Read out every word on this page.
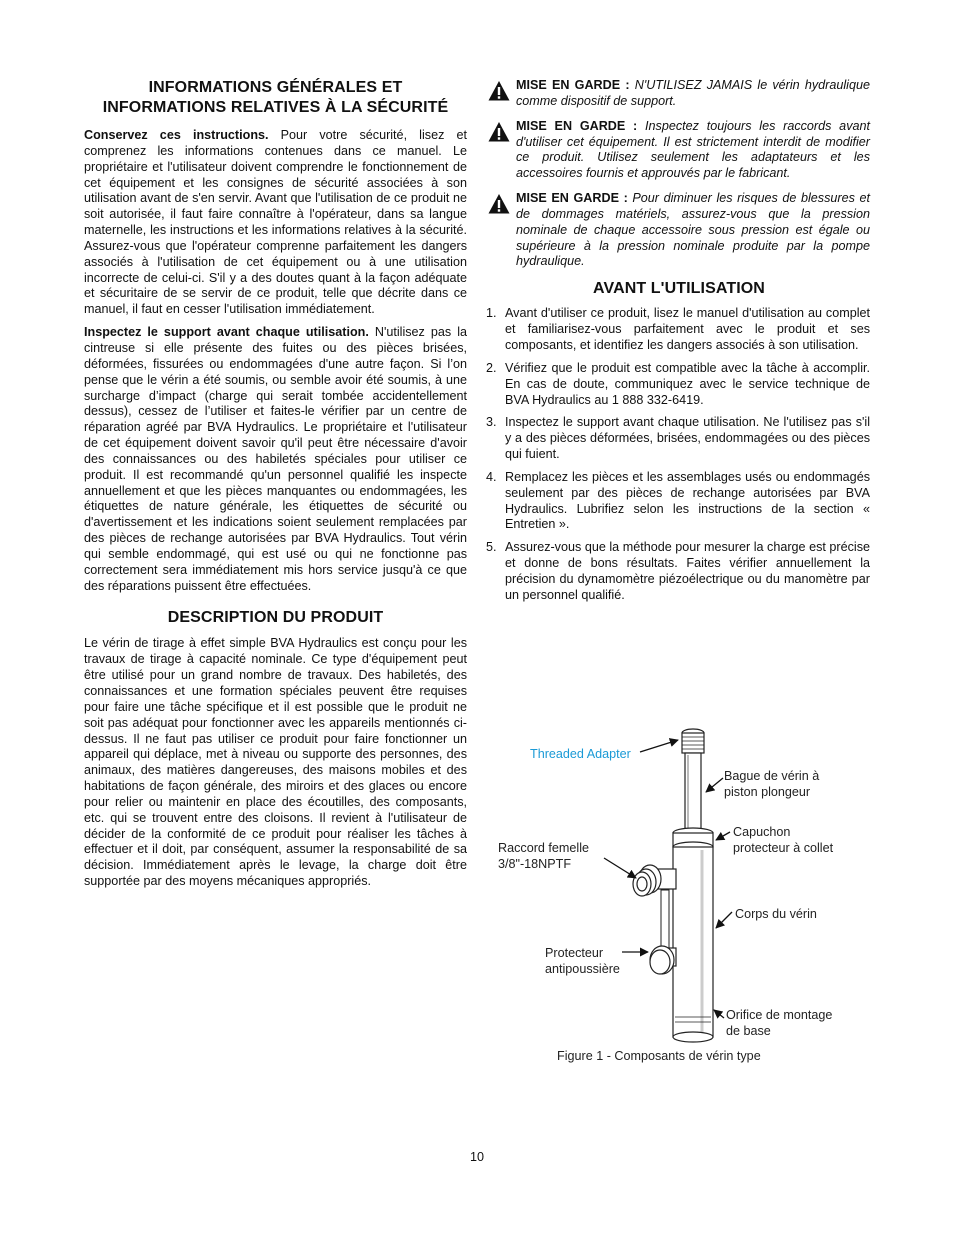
INFORMATIONS GÉNÉRALES ET
INFORMATIONS RELATIVES À LA SÉCURITÉ

Conservez ces instructions. Pour votre sécurité, lisez et comprenez les informations contenues dans ce manuel. Le propriétaire et l'utilisateur doivent comprendre le fonctionnement de cet équipement et les consignes de sécurité associées à son utilisation avant de s'en servir. Avant que l'utilisation de ce produit ne soit autorisée, il faut faire connaître à l'opérateur, dans sa langue maternelle, les instructions et les informations relatives à la sécurité. Assurez-vous que l'opérateur comprenne parfaitement les dangers associés à l'utilisation de cet équipement ou à une utilisation incorrecte de celui-ci. S'il y a des doutes quant à la façon adéquate et sécuritaire de se servir de ce produit, telle que décrite dans ce manuel, il faut en cesser l'utilisation immédiatement.

Inspectez le support avant chaque utilisation. N'utilisez pas la cintreuse si elle présente des fuites ou des pièces brisées, déformées, fissurées ou endommagées d'une autre façon. Si l’on pense que le vérin a été soumis, ou semble avoir été soumis, à une surcharge d’impact (charge qui serait tombée accidentellement dessus), cessez de l’utiliser et faites-le vérifier par un centre de réparation agréé par BVA Hydraulics. Le propriétaire et l'utilisateur de cet équipement doivent savoir qu'il peut être nécessaire d'avoir des connaissances ou des habiletés spéciales pour utiliser ce produit. Il est recommandé qu'un personnel qualifié les inspecte annuellement et que les pièces manquantes ou endommagées, les étiquettes de nature générale, les étiquettes de sécurité ou d'avertissement et les indications soient seulement remplacées par des pièces de rechange autorisées par BVA Hydraulics. Tout vérin qui semble endommagé, qui est usé ou qui ne fonctionne pas correctement sera immédiatement mis hors service jusqu'à ce que des réparations puissent être effectuées.

DESCRIPTION DU PRODUIT

Le vérin de tirage à effet simple BVA Hydraulics est conçu pour les travaux de tirage à capacité nominale. Ce type d'équipement peut être utilisé pour un grand nombre de travaux. Des habiletés, des connaissances et une formation spéciales peuvent être requises pour faire une tâche spécifique et il est possible que le produit ne soit pas adéquat pour fonctionner avec les appareils mentionnés ci-dessus. Il ne faut pas utiliser ce produit pour faire fonctionner un appareil qui déplace, met à niveau ou supporte des personnes, des animaux, des matières dangereuses, des maisons mobiles et des habitations de façon générale, des miroirs et des glaces ou encore pour relier ou maintenir en place des écoutilles, des composants, etc. qui se trouvent entre des cloisons. Il revient à l'utilisateur de décider de la conformité de ce produit pour réaliser les tâches à effectuer et il doit, par conséquent, assumer la responsabilité de sa décision. Immédiatement après le levage, la charge doit être supportée par des moyens mécaniques appropriés.

MISE EN GARDE : N'UTILISEZ JAMAIS le vérin hydraulique comme dispositif de support.
MISE EN GARDE : Inspectez toujours les raccords avant d'utiliser cet équipement. Il est strictement interdit de modifier ce produit. Utilisez seulement les adaptateurs et les accessoires fournis et approuvés par le fabricant.
MISE EN GARDE : Pour diminuer les risques de blessures et de dommages matériels, assurez-vous que la pression nominale de chaque accessoire sous pression est égale ou supérieure à la pression nominale produite par la pompe hydraulique.
AVANT L'UTILISATION
1. Avant d'utiliser ce produit, lisez le manuel d'utilisation au complet et familiarisez-vous parfaitement avec le produit et ses composants, et identifiez les dangers associés à son utilisation.
2. Vérifiez que le produit est compatible avec la tâche à accomplir. En cas de doute, communiquez avec le service technique de BVA Hydraulics au 1 888 332-6419.
3. Inspectez le support avant chaque utilisation. Ne l'utilisez pas s'il y a des pièces déformées, brisées, endommagées ou des pièces qui fuient.
4. Remplacez les pièces et les assemblages usés ou endommagés seulement par des pièces de rechange autorisées par BVA Hydraulics. Lubrifiez selon les instructions de la section « Entretien ».
5. Assurez-vous que la méthode pour mesurer la charge est précise et donne de bons résultats. Faites vérifier annuellement la précision du dynamomètre piézoélectrique ou du manomètre par un personnel qualifié.
Threaded Adapter
Bague de vérin à
piston plongeur
Capuchon
protecteur à collet
Raccord femelle
3/8"-18NPTF
Corps du vérin
Protecteur
antipoussière
Orifice de montage
de base
Figure 1 - Composants de vérin type
10
